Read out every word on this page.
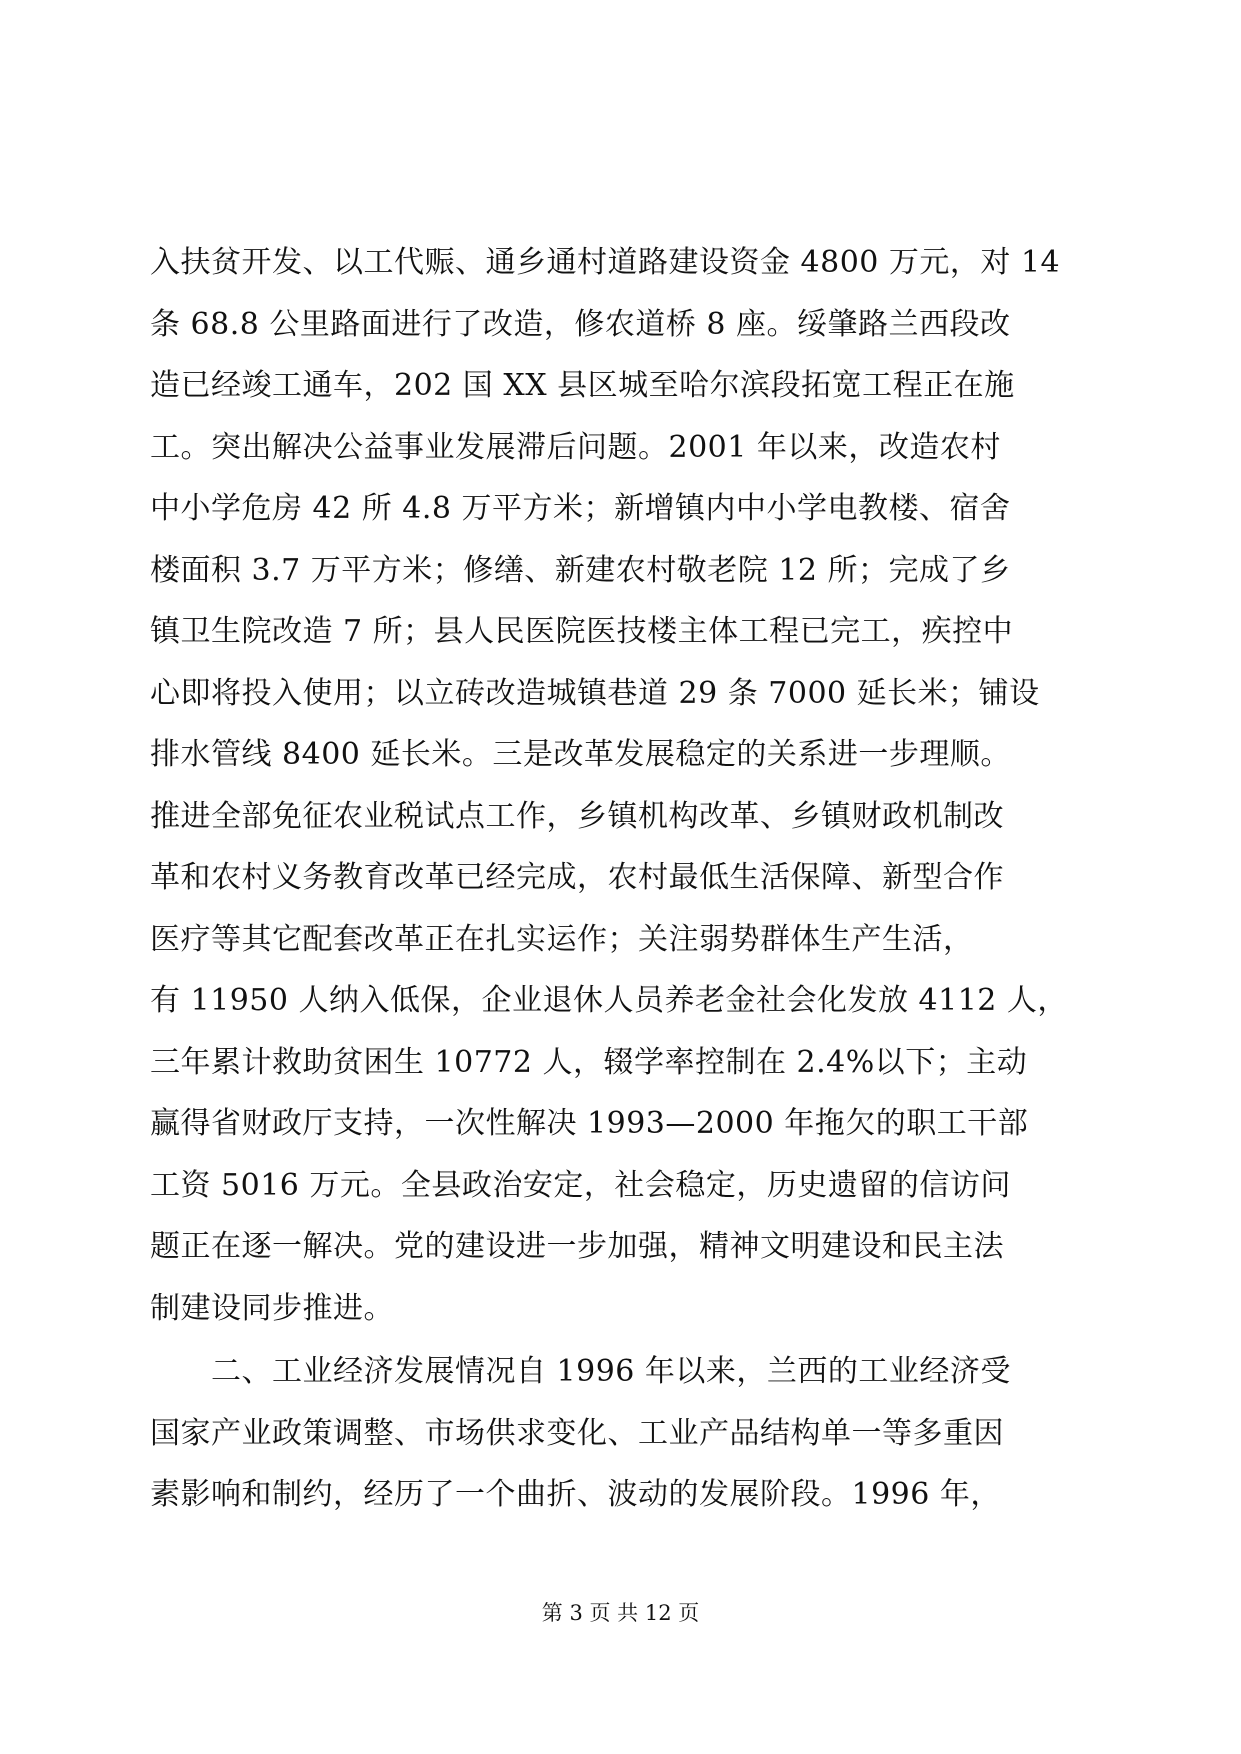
入扶贫开发、以工代赈、通乡通村道路建设资金 4800 万元，对 14
条 68.8 公里路面进行了改造，修农道桥 8 座。绥肇路兰西段改
造已经竣工通车，202 国 XX 县区城至哈尔滨段拓宽工程正在施
工。突出解决公益事业发展滞后问题。2001 年以来，改造农村
中小学危房 42 所 4.8 万平方米；新增镇内中小学电教楼、宿舍
楼面积 3.7 万平方米；修缮、新建农村敬老院 12 所；完成了乡
镇卫生院改造 7 所；县人民医院医技楼主体工程已完工，疾控中
心即将投入使用；以立砖改造城镇巷道 29 条 7000 延长米；铺设
排水管线 8400 延长米。三是改革发展稳定的关系进一步理顺。
推进全部免征农业税试点工作，乡镇机构改革、乡镇财政机制改
革和农村义务教育改革已经完成，农村最低生活保障、新型合作
医疗等其它配套改革正在扎实运作；关注弱势群体生产生活，
有 11950 人纳入低保，企业退休人员养老金社会化发放 4112 人，
三年累计救助贫困生 10772 人，辍学率控制在 2.4%以下；主动
赢得省财政厅支持，一次性解决 1993—2000 年拖欠的职工干部
工资 5016 万元。全县政治安定，社会稳定，历史遗留的信访问
题正在逐一解决。党的建设进一步加强，精神文明建设和民主法
制建设同步推进。
　　二、工业经济发展情况自 1996 年以来，兰西的工业经济受
国家产业政策调整、市场供求变化、工业产品结构单一等多重因
素影响和制约，经历了一个曲折、波动的发展阶段。1996 年，
第 3 页 共 12 页
